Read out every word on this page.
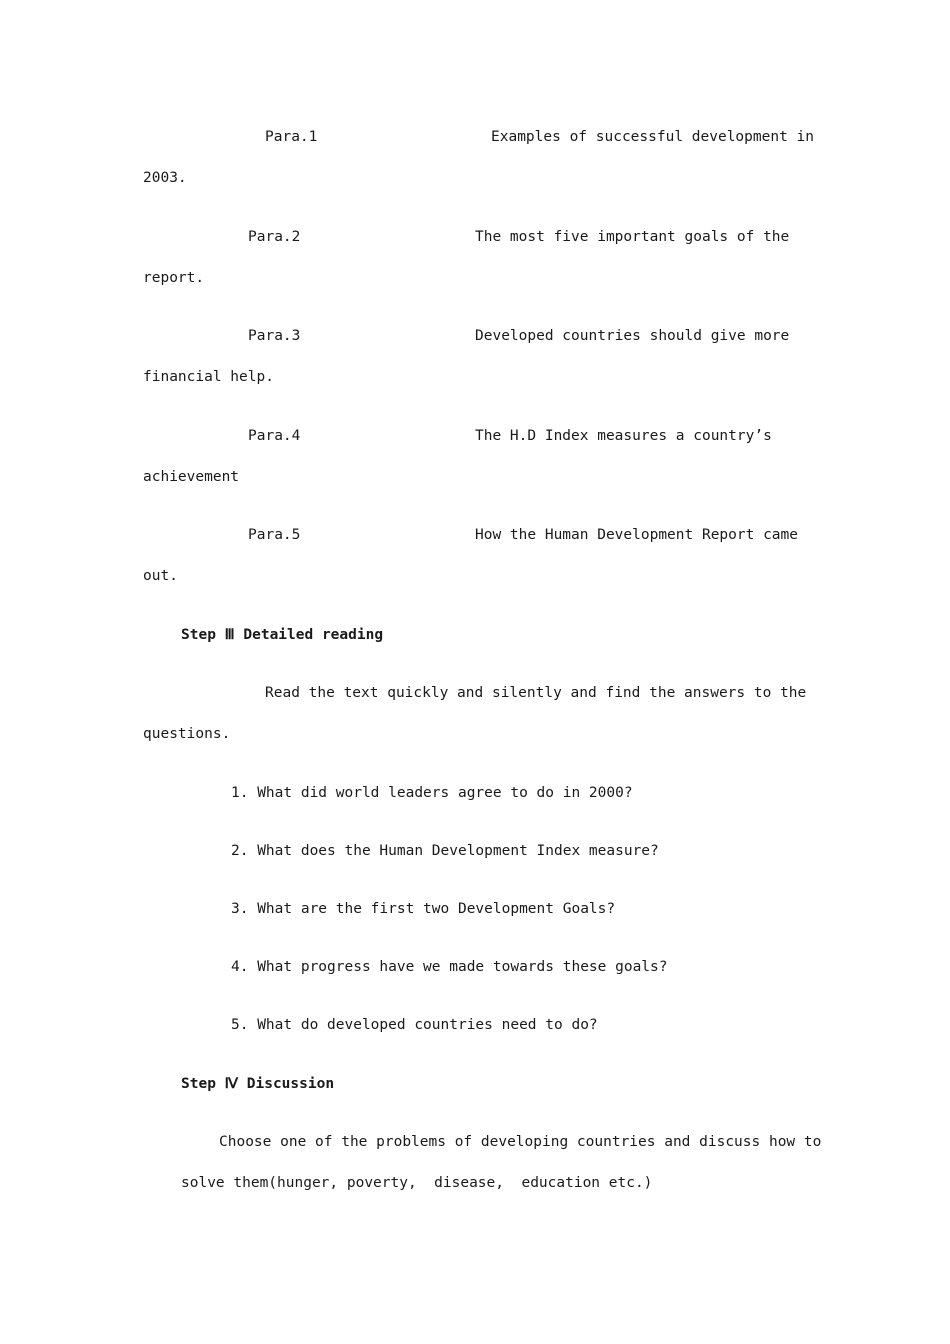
Para.1	Examples of successful development in
2003.
Para.2	The most five important goals of the
report.
Para.3	Developed countries should give more
financial help.
Para.4	The H.D Index measures a country’s
achievement
Para.5	How the Human Development Report came
out.
Step Ⅲ Detailed reading
Read the text quickly and silently and find the answers to the
questions.
1. What did world leaders agree to do in 2000?
2. What does the Human Development Index measure?
3. What are the first two Development Goals?
4. What progress have we made towards these goals?
5. What do developed countries need to do?
Step Ⅳ Discussion
Choose one of the problems of developing countries and discuss how to
solve them(hunger, poverty,  disease,  education etc.)
